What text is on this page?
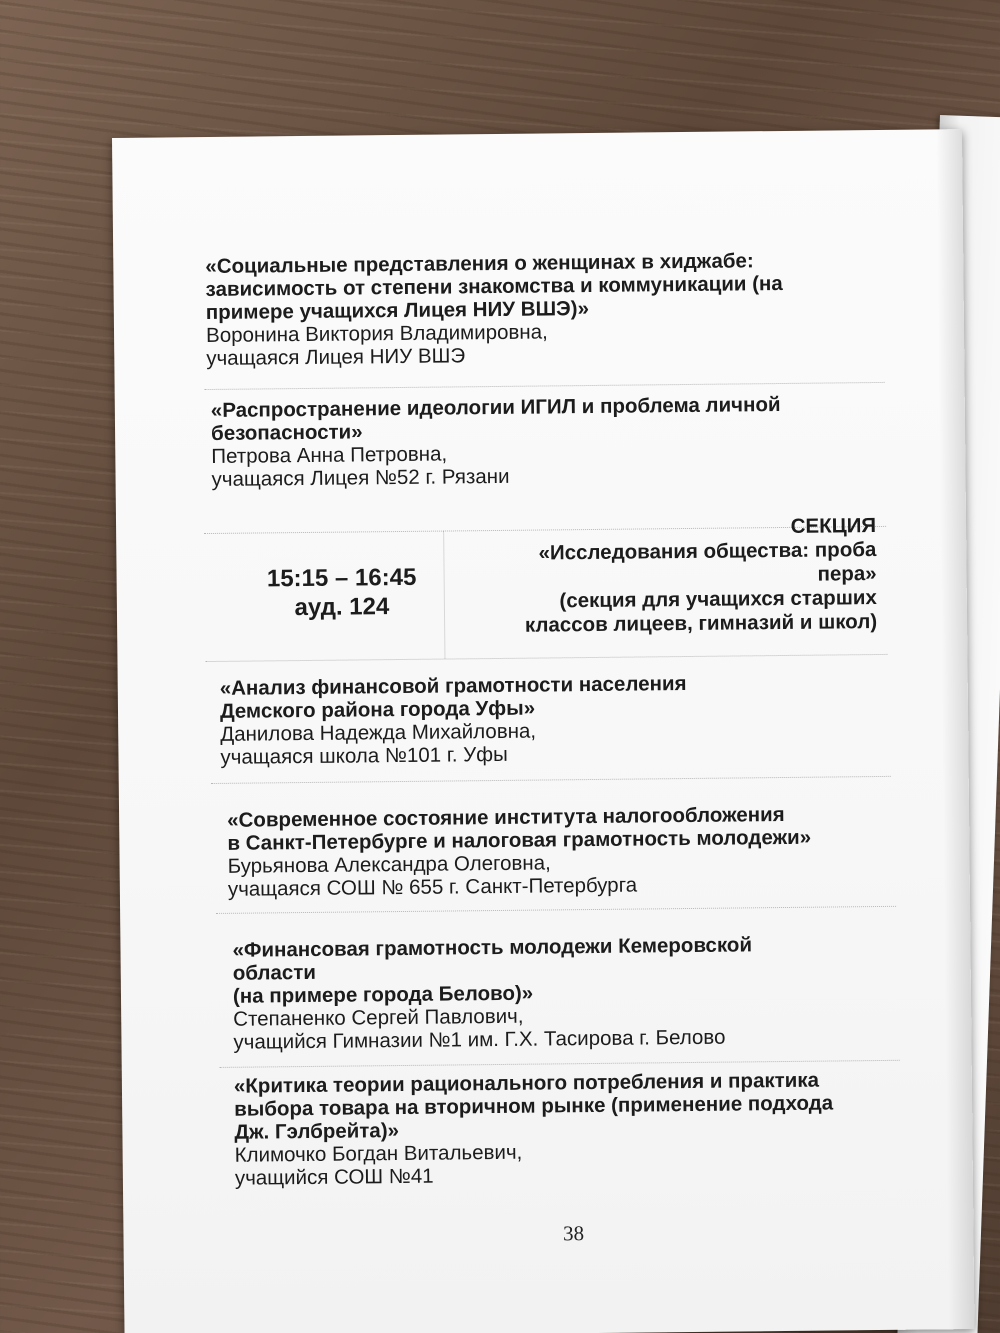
«Социальные представления о женщинах в хиджабе:
зависимость от степени знакомства и коммуникации (на
примере учащихся Лицея НИУ ВШЭ)»
Воронина Виктория Владимировна,
учащаяся Лицея НИУ ВШЭ
«Распространение идеологии ИГИЛ и проблема личной
безопасности»
Петрова Анна Петровна,
учащаяся Лицея №52 г. Рязани
15:15 – 16:45
ауд. 124
СЕКЦИЯ
«Исследования общества: проба
пера»
(секция для учащихся старших
классов лицеев, гимназий и школ)
«Анализ финансовой грамотности населения
Демского района города Уфы»
Данилова Надежда Михайловна,
учащаяся школа №101 г. Уфы
«Современное состояние института налогообложения
в Санкт-Петербурге и налоговая грамотность молодежи»
Бурьянова Александра Олеговна,
учащаяся СОШ № 655 г. Санкт-Петербурга
«Финансовая грамотность молодежи Кемеровской
области
(на примере города Белово)»
Степаненко Сергей Павлович,
учащийся Гимназии №1 им. Г.Х. Тасирова г. Белово
«Критика теории рационального потребления и практика
выбора товара на вторичном рынке (применение подхода
Дж. Гэлбрейта)»
Климочко Богдан Витальевич,
учащийся СОШ №41
38
